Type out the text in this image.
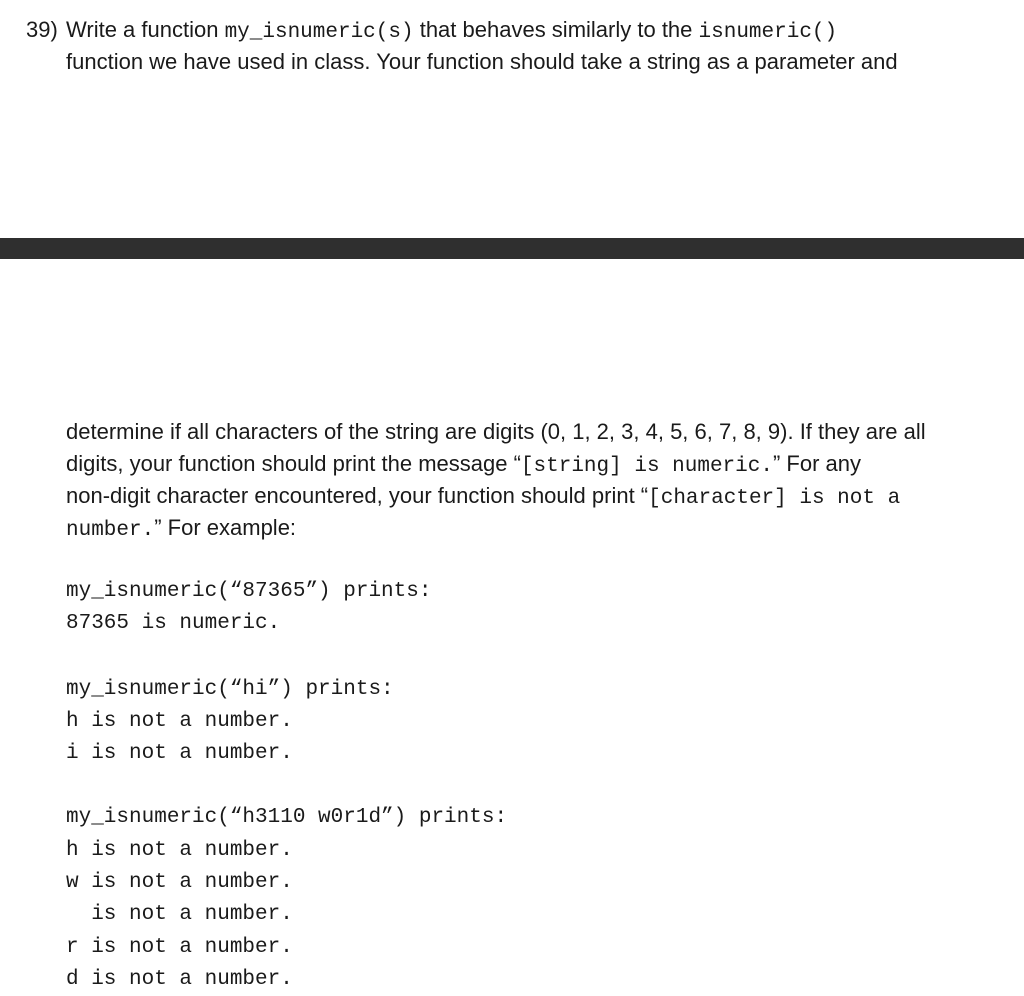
39) Write a function my_isnumeric(s) that behaves similarly to the isnumeric()
function we have used in class. Your function should take a string as a parameter and
determine if all characters of the string are digits (0, 1, 2, 3, 4, 5, 6, 7, 8, 9). If they are all
digits, your function should print the message “[string] is numeric.” For any
non-digit character encountered, your function should print “[character] is not a
number.” For example:
my_isnumeric(“87365”) prints:
87365 is numeric.
my_isnumeric(“hi”) prints:
h is not a number.
i is not a number.
my_isnumeric(“h3110 w0r1d”) prints:
h is not a number.
w is not a number.
is not a number.
r is not a number.
d is not a number.
